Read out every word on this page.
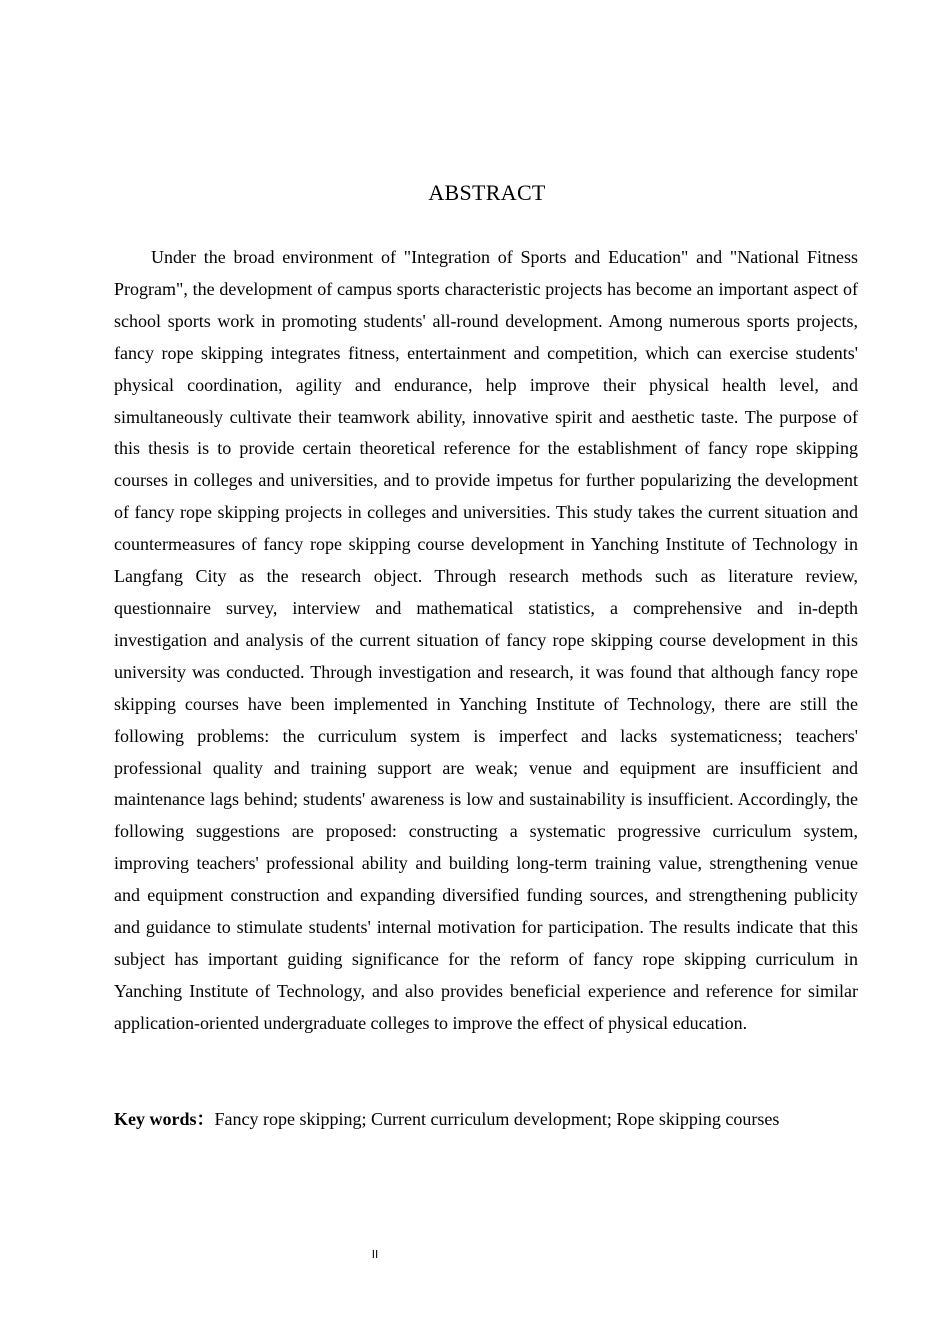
ABSTRACT

Under the broad environment of "Integration of Sports and Education" and "National Fitness Program", the development of campus sports characteristic projects has become an important aspect of school sports work in promoting students' all-round development. Among numerous sports projects, fancy rope skipping integrates fitness, entertainment and competition, which can exercise students' physical coordination, agility and endurance, help improve their physical health level, and simultaneously cultivate their teamwork ability, innovative spirit and aesthetic taste. The purpose of this thesis is to provide certain theoretical reference for the establishment of fancy rope skipping courses in colleges and universities, and to provide impetus for further popularizing the development of fancy rope skipping projects in colleges and universities. This study takes the current situation and countermeasures of fancy rope skipping course development in Yanching Institute of Technology in Langfang City as the research object. Through research methods such as literature review, questionnaire survey, interview and mathematical statistics, a comprehensive and in-depth investigation and analysis of the current situation of fancy rope skipping course development in this university was conducted. Through investigation and research, it was found that although fancy rope skipping courses have been implemented in Yanching Institute of Technology, there are still the following problems: the curriculum system is imperfect and lacks systematicness; teachers' professional quality and training support are weak; venue and equipment are insufficient and maintenance lags behind; students' awareness is low and sustainability is insufficient. Accordingly, the following suggestions are proposed: constructing a systematic progressive curriculum system, improving teachers' professional ability and building long-term training value, strengthening venue and equipment construction and expanding diversified funding sources, and strengthening publicity and guidance to stimulate students' internal motivation for participation. The results indicate that this subject has important guiding significance for the reform of fancy rope skipping curriculum in Yanching Institute of Technology, and also provides beneficial experience and reference for similar application-oriented undergraduate colleges to improve the effect of physical education.

Key words：Fancy rope skipping; Current curriculum development; Rope skipping courses

II
